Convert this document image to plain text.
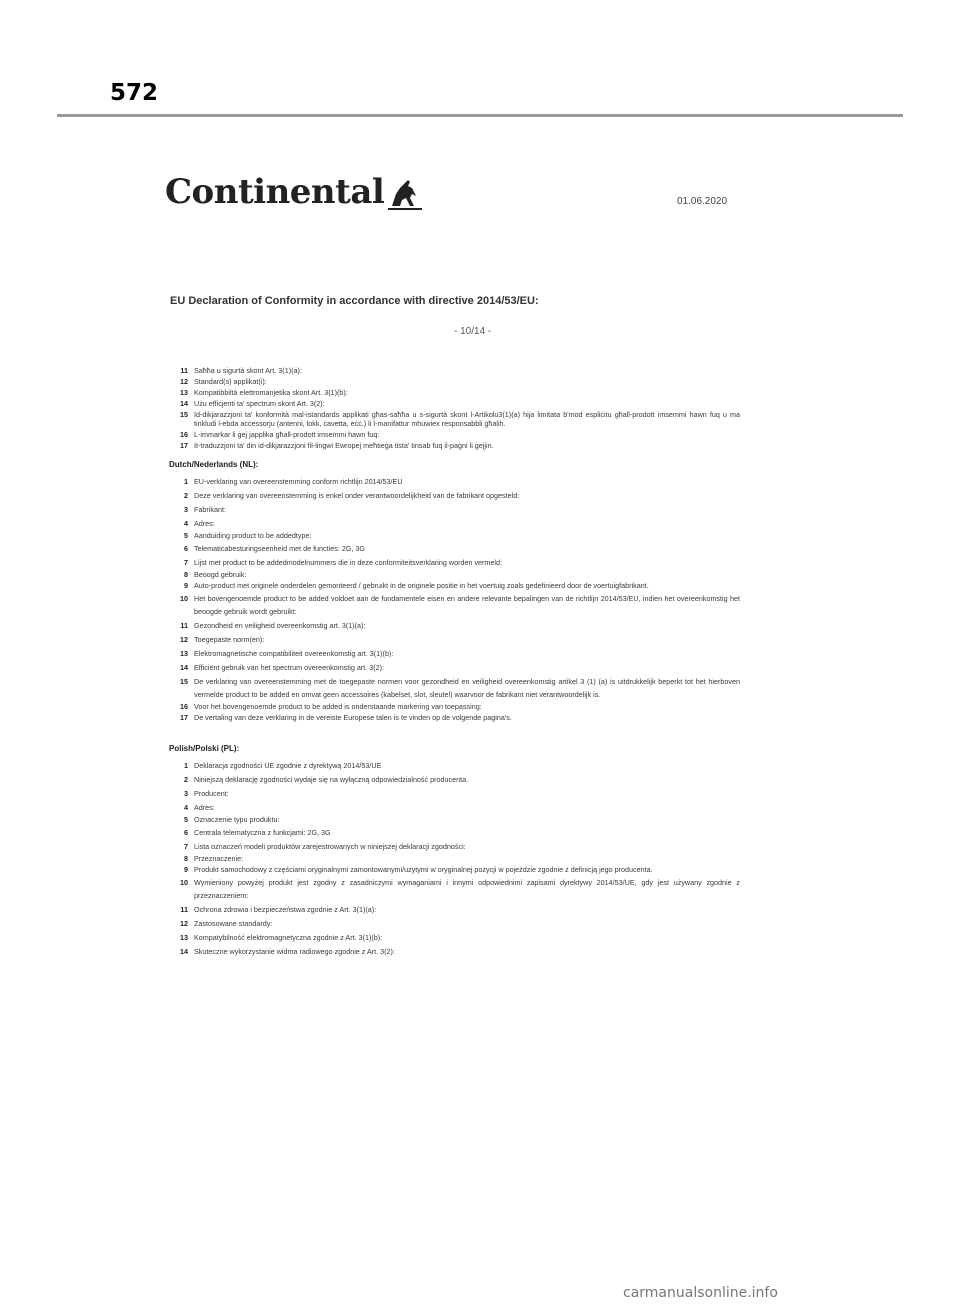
572
Continental	01.06.2020
EU Declaration of Conformity in accordance with directive 2014/53/EU:
- 10/14 -
11 Saħħa u sigurtà skont Art. 3(1)(a):
12 Standard(s) applikat(i):
13 Kompatibbiltà elettromanjetika skont Art. 3(1)(b):
14 Użu effiċjenti ta' spectrum skont Art. 3(2):
15 Id-dikjarazzjoni ta' konformità mal-istandards applikati għas-saħħa u s-sigurtà skont l-Artikolu3(1)(a) hija limitata b'mod espliċitu għall-prodott imsemmi hawn fuq u ma tinkludi l-ebda aċċessorju (antenni, lokk, ċavetta, eċċ.) li l-manifattur mhuwiex responsabbli għalih.
16 L-immarkar li ġej japplika għall-prodott imsemmi hawn fuq:
17 It-traduzzjoni ta' din id-dikjarazzjoni fil-lingwi Ewropej meħtieġa tista' tinsab fuq il-paġni li ġejjin.
Dutch/Nederlands (NL):
1 EU-verklaring van overeenstemming conform richtlijn 2014/53/EU
2 Deze verklaring van overeenstemming is enkel onder verantwoordelijkheid van de fabrikant opgesteld:
3 Fabrikant:
4 Adres:
5 Aanduiding product to be addedtype:
6 Telematicabesturingseenheid met de functies: 2G, 3G
7 Lijst met product to be addedmodelnummers die in deze conformiteitsverklaring worden vermeld:
8 Beoogd gebruik:
9 Auto-product met originele onderdelen gemonteerd / gebruikt in de originele positie in het voertuig zoals gedefinieerd door de voertuigfabrikant.
10 Het bovengenoemde product to be added voldoet aan de fundamentele eisen en andere relevante bepalingen van de richtlijn 2014/53/EU, indien het overeenkomstig het beoogde gebruik wordt gebruikt:
11 Gezondheid en veiligheid overeenkomstig art. 3(1)(a):
12 Toegepaste norm(en):
13 Elektromagnetische compatibiliteit overeenkomstig art. 3(1)(b):
14 Efficiënt gebruik van het spectrum overeenkomstig art. 3(2):
15 De verklaring van overeenstemming met de toegepaste normen voor gezondheid en veiligheid overeenkomstig artikel 3 (1) (a) is uitdrukkelijk beperkt tot het hierboven vermelde product to be added en omvat geen accessoires (kabelset, slot, sleutel) waarvoor de fabrikant niet verantwoordelijk is.
16 Voor het bovengenoemde product to be added is onderstaande markering van toepassing:
17 De vertaling van deze verklaring in de vereiste Europese talen is te vinden op de volgende pagina's.
Polish/Polski (PL):
1 Deklaracja zgodności UE zgodnie z dyrektywą 2014/53/UE
2 Niniejszą deklarację zgodności wydaje się na wyłączną odpowiedzialność producenta.
3 Producent:
4 Adres:
5 Oznaczenie typu produktu:
6 Centrala telematyczna z funkcjami: 2G, 3G
7 Lista oznaczeń modeli produktów zarejestrowanych w niniejszej deklaracji zgodności:
8 Przeznaczenie:
9 Produkt samochodowy z częściami oryginalnymi zamontowanymi/użytymi w oryginalnej pozycji w pojeździe zgodnie z definicją jego producenta.
10 Wymieniony powyżej produkt jest zgodny z zasadniczymi wymaganiami i innymi odpowiednimi zapisami dyrektywy 2014/53/UE, gdy jest używany zgodnie z przeznaczeniem:
11 Ochrona zdrowia i bezpieczeństwa zgodnie z Art. 3(1)(a):
12 Zastosowane standardy:
13 Kompatybilność elektromagnetyczna zgodnie z Art. 3(1)(b):
14 Skuteczne wykorzystanie widma radiowego zgodnie z Art. 3(2):
carmanualsonline.info
